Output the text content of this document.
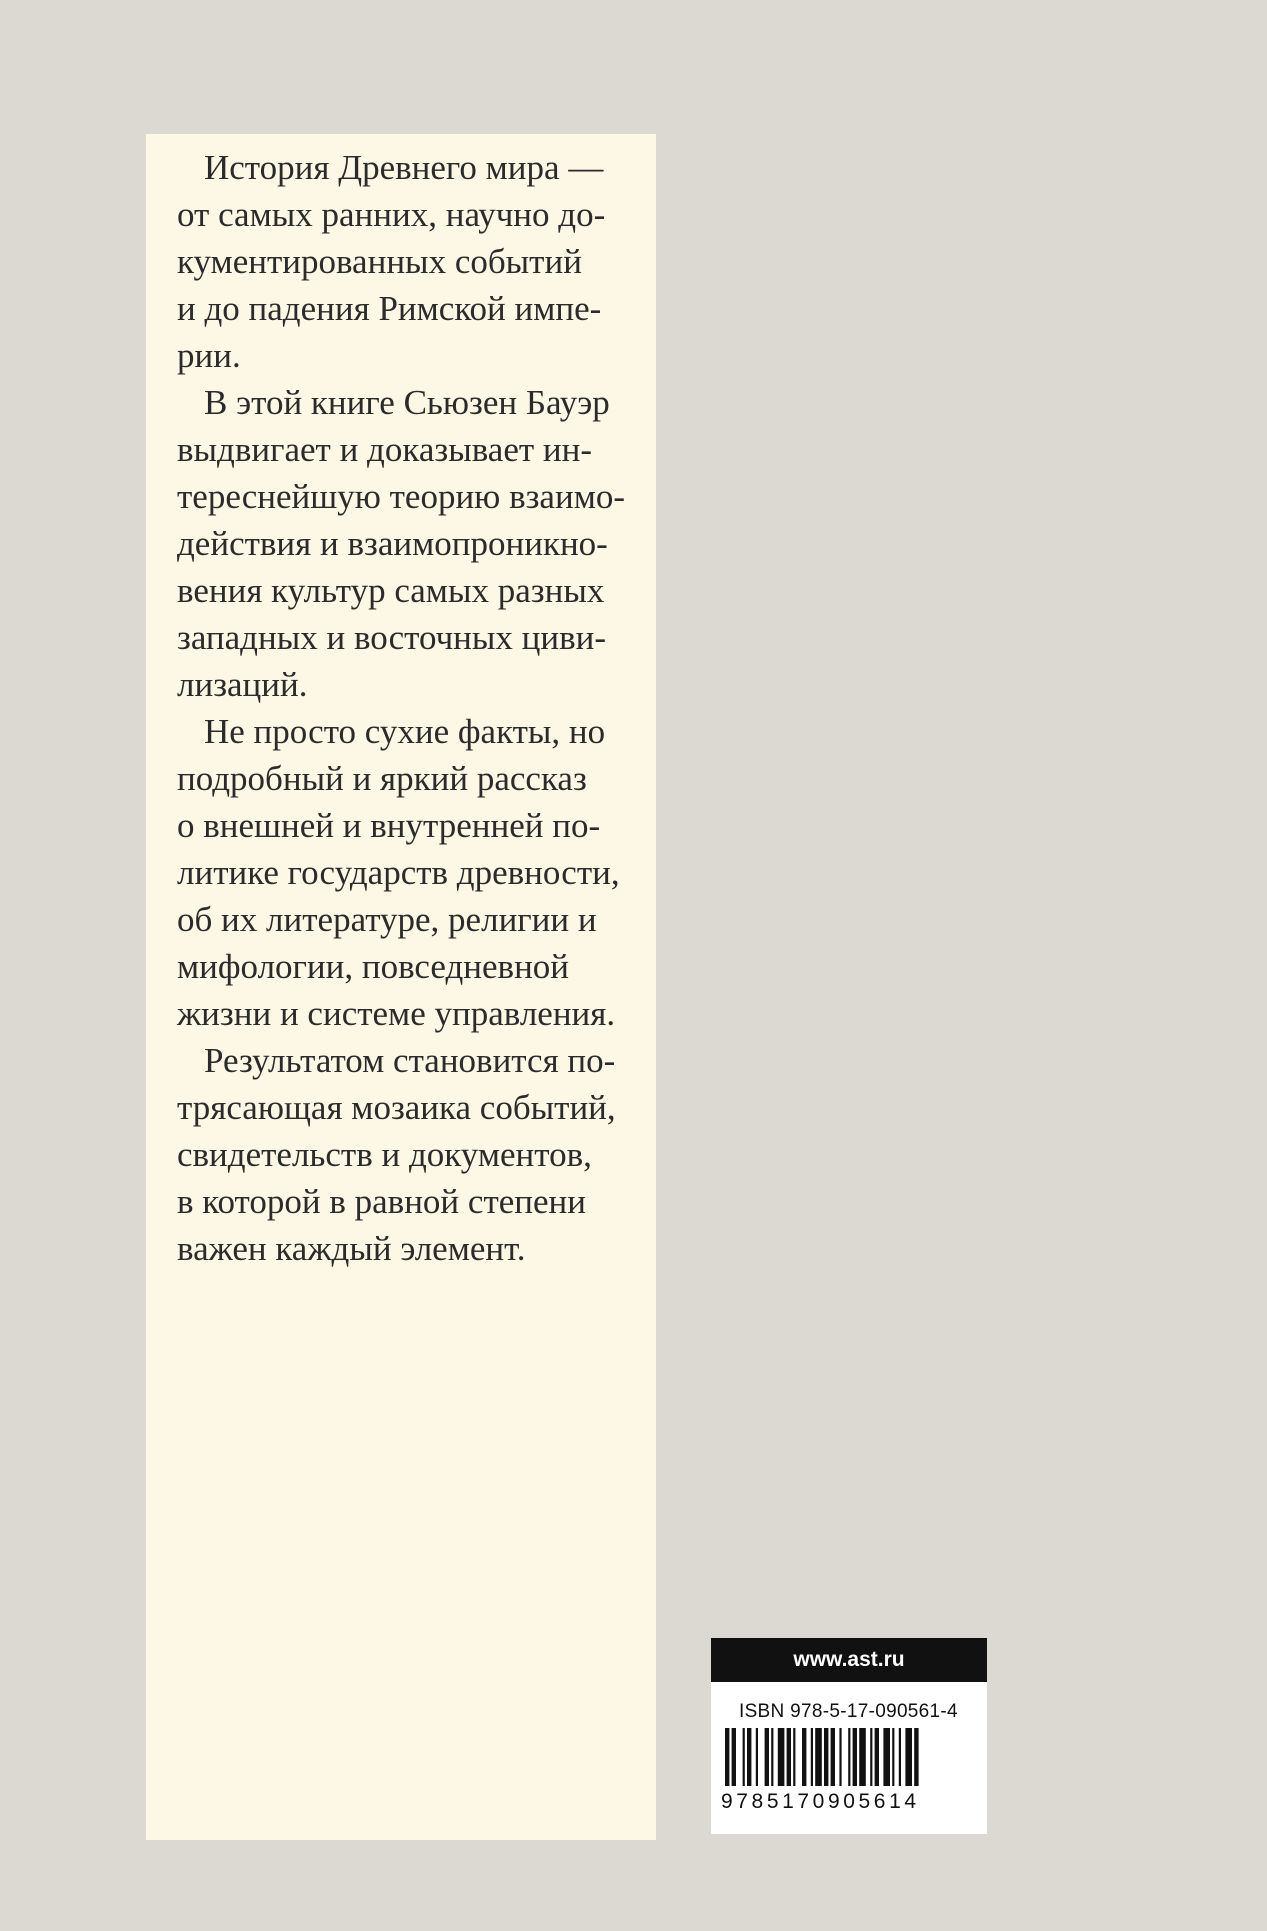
История Древнего мира —
от самых ранних, научно до-
кументированных событий
и до падения Римской импе-
рии.

В этой книге Сьюзен Бауэр
выдвигает и доказывает ин-
тереснейшую теорию взаимо-
действия и взаимопроникно-
вения культур самых разных
западных и восточных циви-
лизаций.

Не просто сухие факты, но
подробный и яркий рассказ
о внешней и внутренней по-
литике государств древности,
об их литературе, религии и
мифологии, повседневной
жизни и системе управления.

Результатом становится по-
трясающая мозаика событий,
свидетельств и документов,
в которой в равной степени
важен каждый элемент.

www.ast.ru
ISBN 978-5-17-090561-4
9785170905614
